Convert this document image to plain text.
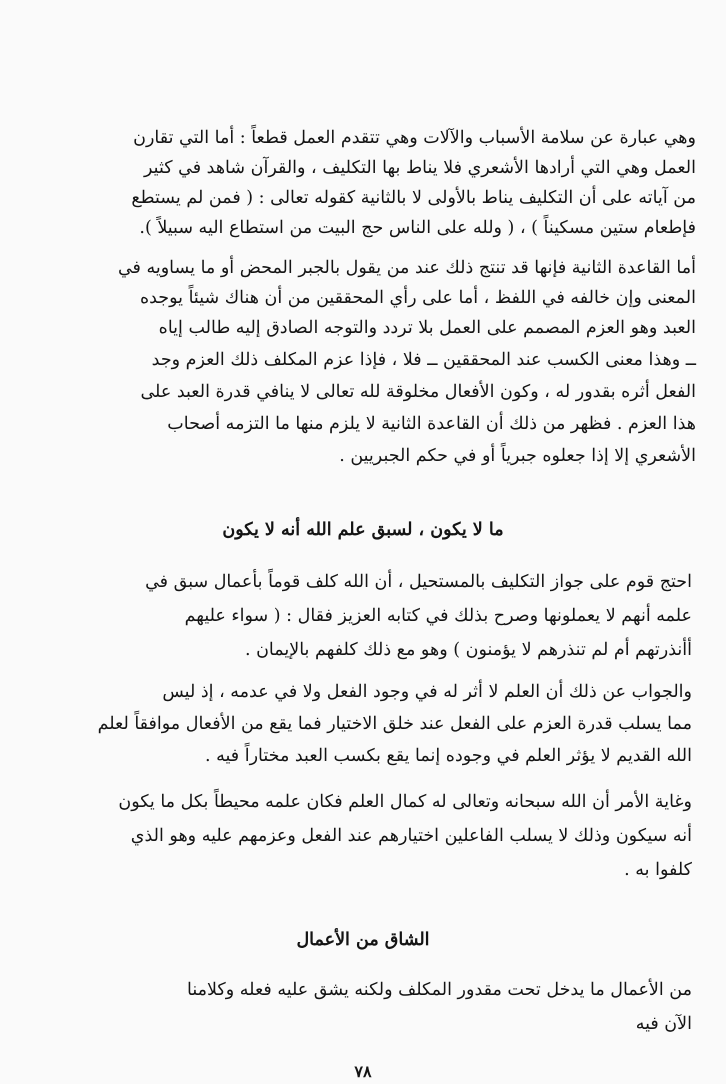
وهي عبارة عن سلامة الأسباب والآلات وهي تتقدم العمل قطعاً : أما التي تقارن
العمل وهي التي أرادها الأشعري فلا يناط بها التكليف ، والقرآن شاهد في كثير
من آياته على أن التكليف يناط بالأولى لا بالثانية كقوله تعالى : ( فمن لم يستطع
فإطعام ستين مسكيناً ) ، ( ولله على الناس حج البيت من استطاع اليه سبيلاً ).
أما القاعدة الثانية فإنها قد تنتج ذلك عند من يقول بالجبر المحض أو ما يساويه في
المعنى وإن خالفه في اللفظ ، أما على رأي المحققين من أن هناك شيئاً يوجده
العبد وهو العزم المصمم على العمل بلا تردد والتوجه الصادق إليه طالب إياه
ــ وهذا معنى الكسب عند المحققين ــ فلا ، فإذا عزم المكلف ذلك العزم وجد
الفعل أثره بقدور له ، وكون الأفعال مخلوقة لله تعالى لا ينافي قدرة العبد على
هذا العزم . فظهر من ذلك أن القاعدة الثانية لا يلزم منها ما التزمه أصحاب
الأشعري إلا إذا جعلوه جبرياً أو في حكم الجبريين .
ما لا يكون ، لسبق علم الله أنه لا يكون
احتج قوم على جواز التكليف بالمستحيل ، أن الله كلف قوماً بأعمال سبق في
علمه أنهم لا يعملونها وصرح بذلك في كتابه العزيز فقال : ( سواء عليهم
أأنذرتهم أم لم تنذرهم لا يؤمنون ) وهو مع ذلك كلفهم بالإيمان .
والجواب عن ذلك أن العلم لا أثر له في وجود الفعل ولا في عدمه ، إذ ليس
مما يسلب قدرة العزم على الفعل عند خلق الاختيار فما يقع من الأفعال موافقاً لعلم
الله القديم لا يؤثر العلم في وجوده إنما يقع بكسب العبد مختاراً فيه .
وغاية الأمر أن الله سبحانه وتعالى له كمال العلم فكان علمه محيطاً بكل ما يكون
أنه سيكون وذلك لا يسلب الفاعلين اختيارهم عند الفعل وعزمهم عليه وهو الذي
كلفوا به .
الشاق من الأعمال
من الأعمال ما يدخل تحت مقدور المكلف ولكنه يشق عليه فعله وكلامنا
الآن فيه
٧٨
